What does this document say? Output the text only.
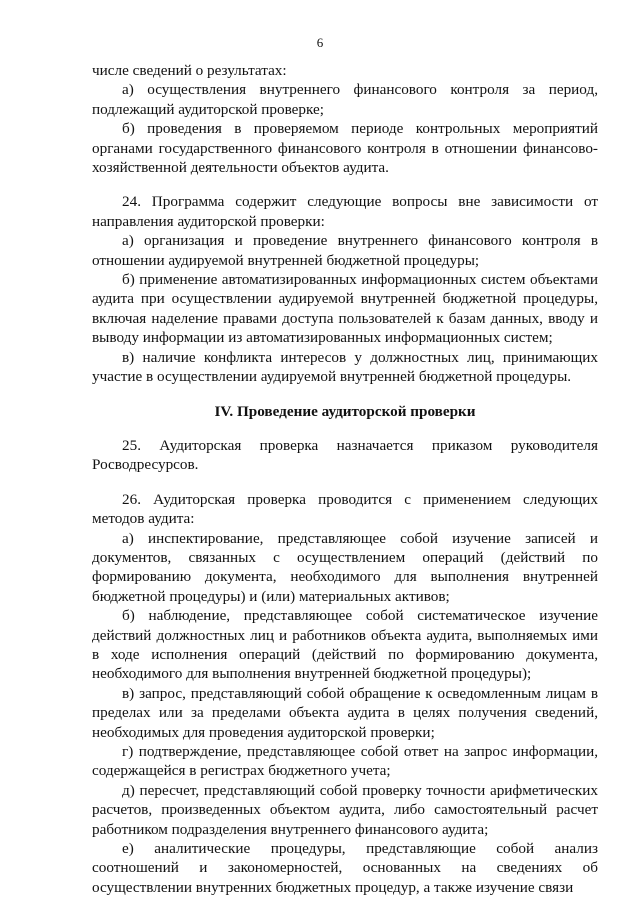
6

числе сведений о результатах:

а) осуществления внутреннего финансового контроля за период, подлежащий аудиторской проверке;

б) проведения в проверяемом периоде контрольных мероприятий органами государственного финансового контроля в отношении финансово-хозяйственной деятельности объектов аудита.

24. Программа содержит следующие вопросы вне зависимости от направления аудиторской проверки:

а) организация и проведение внутреннего финансового контроля в отношении аудируемой внутренней бюджетной процедуры;

б) применение автоматизированных информационных систем объектами аудита при осуществлении аудируемой внутренней бюджетной процедуры, включая наделение правами доступа пользователей к базам данных, вводу и выводу информации из автоматизированных информационных систем;

в) наличие конфликта интересов у должностных лиц, принимающих участие в осуществлении аудируемой внутренней бюджетной процедуры.

IV. Проведение аудиторской проверки

25. Аудиторская проверка назначается приказом руководителя Росводресурсов.

26. Аудиторская проверка проводится с применением следующих методов аудита:

а) инспектирование, представляющее собой изучение записей и документов, связанных с осуществлением операций (действий по формированию документа, необходимого для выполнения внутренней бюджетной процедуры) и (или) материальных активов;

б) наблюдение, представляющее собой систематическое изучение действий должностных лиц и работников объекта аудита, выполняемых ими в ходе исполнения операций (действий по формированию документа, необходимого для выполнения внутренней бюджетной процедуры);

в) запрос, представляющий собой обращение к осведомленным лицам в пределах или за пределами объекта аудита в целях получения сведений, необходимых для проведения аудиторской проверки;

г) подтверждение, представляющее собой ответ на запрос информации, содержащейся в регистрах бюджетного учета;

д) пересчет, представляющий собой проверку точности арифметических расчетов, произведенных объектом аудита, либо самостоятельный расчет работником подразделения внутреннего финансового аудита;

е) аналитические процедуры, представляющие собой анализ соотношений и закономерностей, основанных на сведениях об осуществлении внутренних бюджетных процедур, а также изучение связи
